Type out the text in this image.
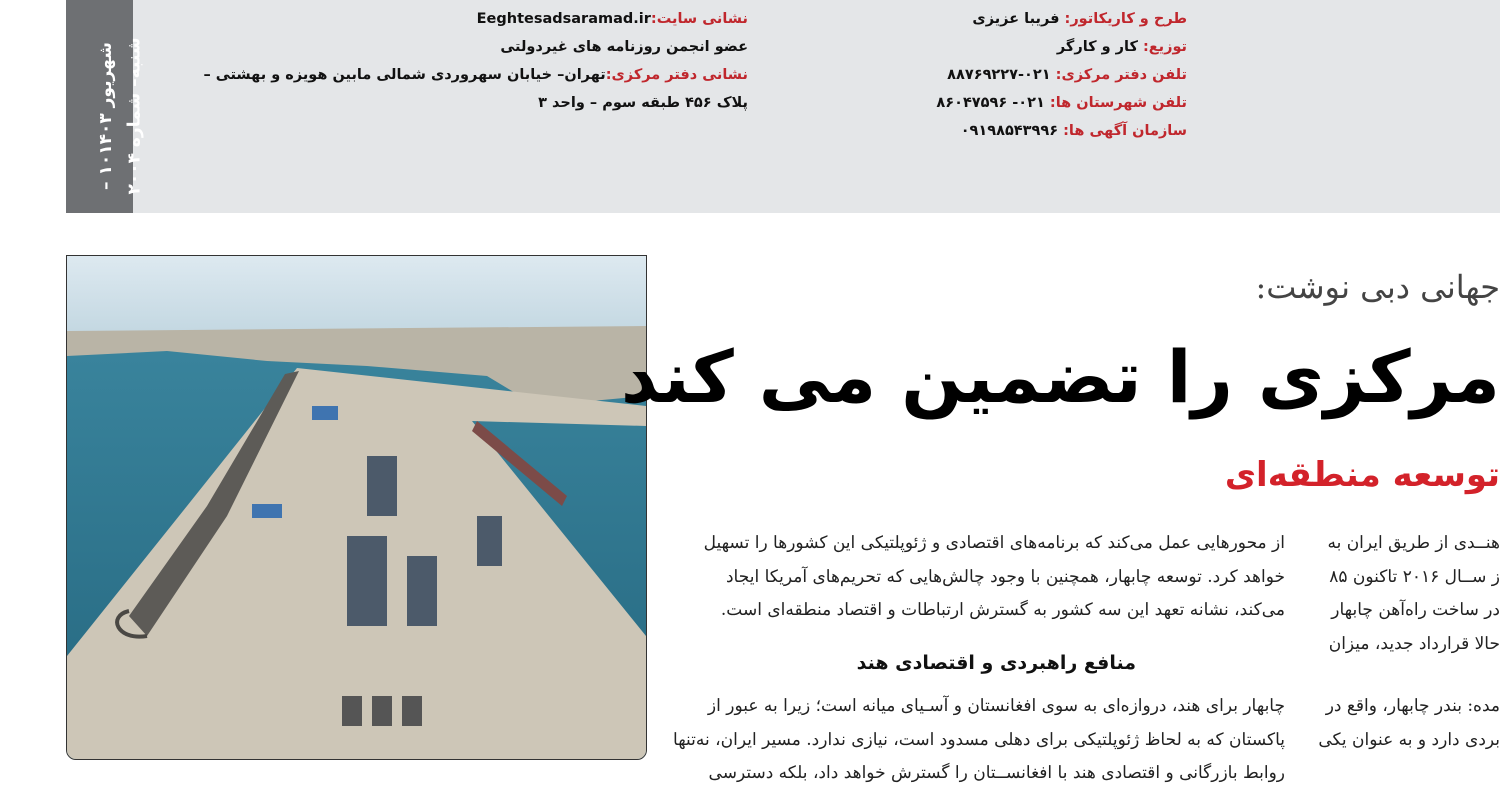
– ۱۰شهریور ۱۴۰۳
شنبه– شماره ۲۰۰۴
نشانی سایت:Eeghtesadsaramad.ir
عضو انجمن روزنامه های غیردولتی
نشانی دفتر مرکزی:تهران– خیابان سهروردی شمالی مابین هویزه و بهشتی –
پلاک ۴۵۶ طبقه سوم – واحد ۳
طرح و کاریکاتور: فریبا عزیزی
توزیع: کار و کارگر
تلفن دفتر مرکزی: ۰۲۱-۸۸۷۶۹۲۲۷
تلفن شهرستان ها: ۰۲۱- ۸۶۰۴۷۵۹۶
سازمان آگهی ها: ۰۹۱۹۸۵۴۳۹۹۶
جهانی دبی نوشت:
مرکزی را تضمین می کند
توسعه منطقه‌ای
از محورهایی عمل می‌کند که برنامه‌های اقتصادی و ژئوپلتیکی این کشورها را تسهیل
خواهد کرد. توسعه چابهار، همچنین با وجود چالش‌هایی که تحریم‌های آمریکا ایجاد
می‌کند، نشانه تعهد این سه کشور به گسترش ارتباطات و اقتصاد منطقه‌ای است.
منافع راهبردی و اقتصادی هند
چابهار برای هند، دروازه‌ای به سوی افغانستان و آسـیای میانه است؛ زیرا به عبور از
پاکستان که به لحاظ ژئوپلتیکی برای دهلی مسدود است، نیازی ندارد. مسیر ایران، نه‌تنها
روابط بازرگانی و اقتصادی هند با افغانســتان را گسترش خواهد داد، بلکه دسترسی
هنــدی از طریق ایران به
ز ســال ۲۰۱۶ تاکنون ۸۵
در ساخت راه‌آهن چابهار
حالا قرارداد جدید، میزان
مده: بندر چابهار، واقع در
بردی دارد و به عنوان یکی
